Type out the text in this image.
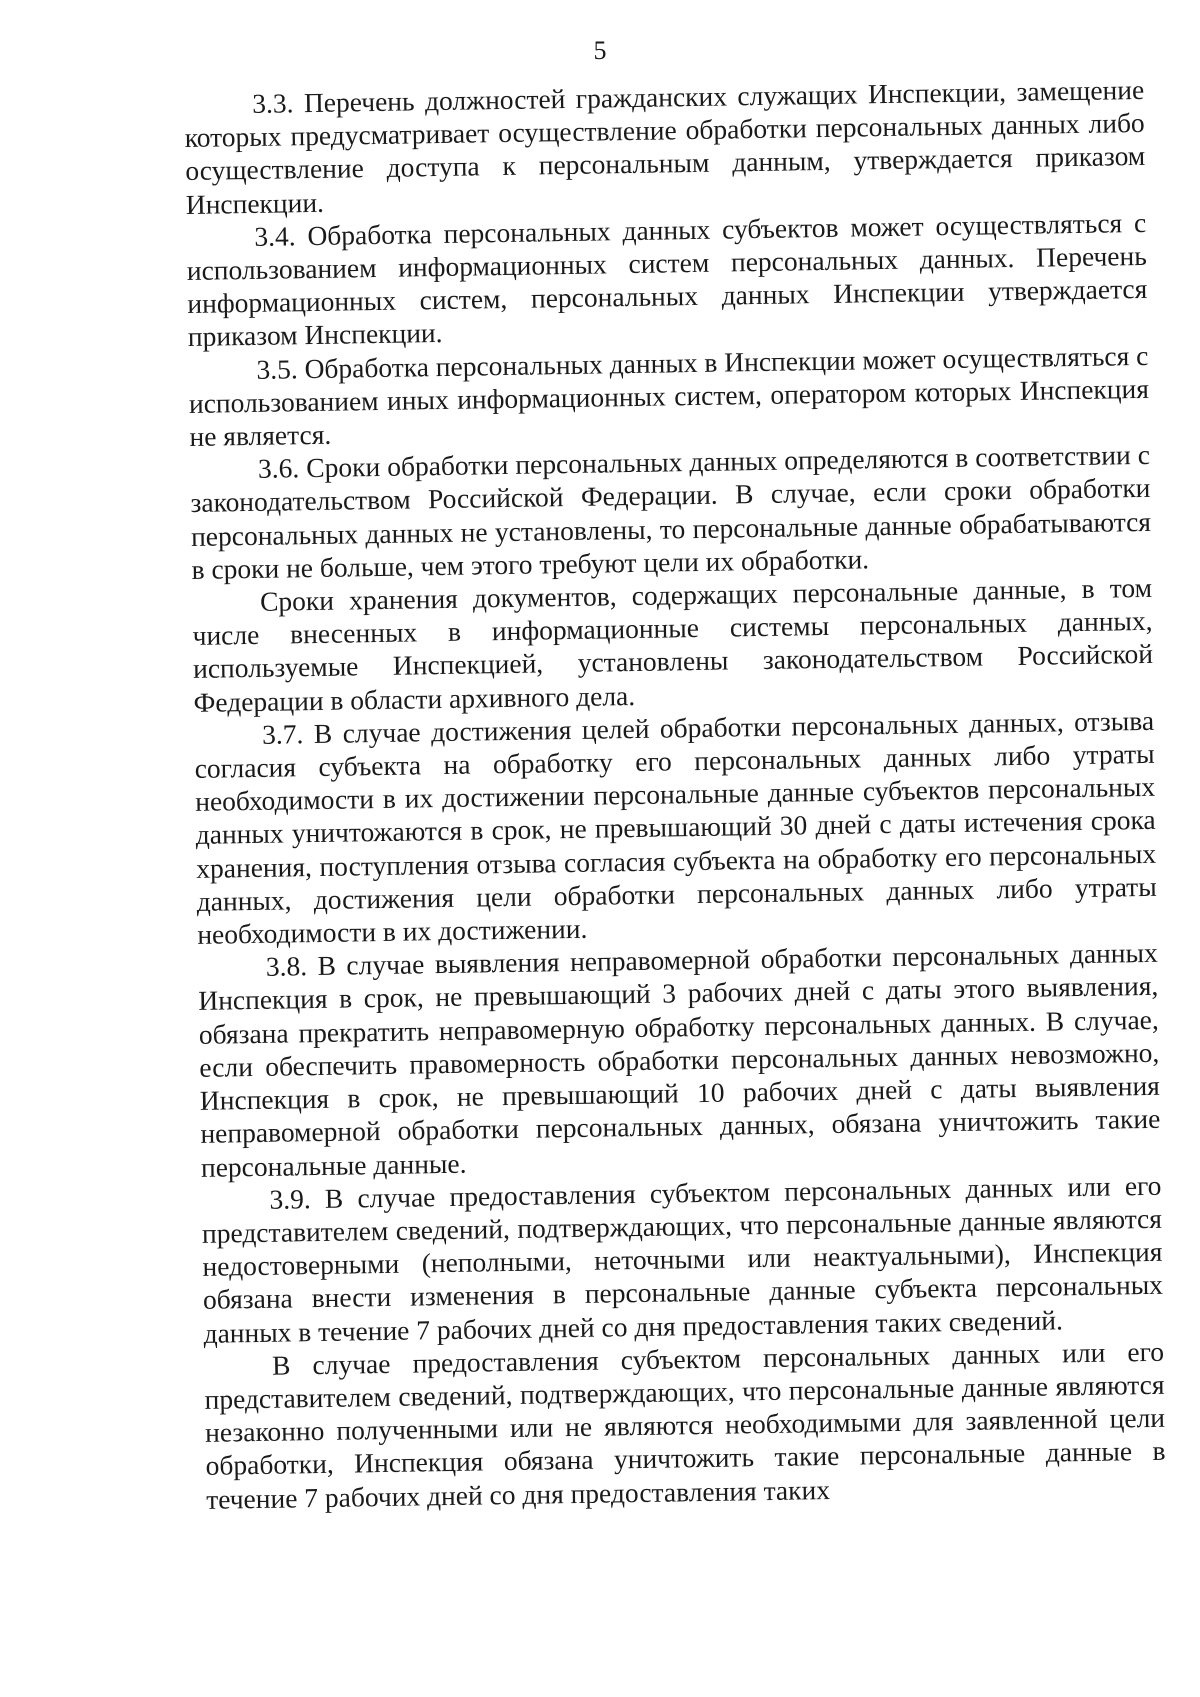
5

3.3. Перечень должностей гражданских служащих Инспекции, замещение которых предусматривает осуществление обработки персональных данных либо осуществление доступа к персональным данным, утверждается приказом Инспекции.

3.4. Обработка персональных данных субъектов может осуществляться с использованием информационных систем персональных данных. Перечень информационных систем, персональных данных Инспекции утверждается приказом Инспекции.

3.5. Обработка персональных данных в Инспекции может осуществляться с использованием иных информационных систем, оператором которых Инспекция не является.

3.6. Сроки обработки персональных данных определяются в соответствии с законодательством Российской Федерации. В случае, если сроки обработки персональных данных не установлены, то персональные данные обрабатываются в сроки не больше, чем этого требуют цели их обработки.

Сроки хранения документов, содержащих персональные данные, в том числе внесенных в информационные системы персональных данных, используемые Инспекцией, установлены законодательством Российской Федерации в области архивного дела.

3.7. В случае достижения целей обработки персональных данных, отзыва согласия субъекта на обработку его персональных данных либо утраты необходимости в их достижении персональные данные субъектов персональных данных уничтожаются в срок, не превышающий 30 дней с даты истечения срока хранения, поступления отзыва согласия субъекта на обработку его персональных данных, достижения цели обработки персональных данных либо утраты необходимости в их достижении.

3.8. В случае выявления неправомерной обработки персональных данных Инспекция в срок, не превышающий 3 рабочих дней с даты этого выявления, обязана прекратить неправомерную обработку персональных данных. В случае, если обеспечить правомерность обработки персональных данных невозможно, Инспекция в срок, не превышающий 10 рабочих дней с даты выявления неправомерной обработки персональных данных, обязана уничтожить такие персональные данные.

3.9. В случае предоставления субъектом персональных данных или его представителем сведений, подтверждающих, что персональные данные являются недостоверными (неполными, неточными или неактуальными), Инспекция обязана внести изменения в персональные данные субъекта персональных данных в течение 7 рабочих дней со дня предоставления таких сведений.

В случае предоставления субъектом персональных данных или его представителем сведений, подтверждающих, что персональные данные являются незаконно полученными или не являются необходимыми для заявленной цели обработки, Инспекция обязана уничтожить такие персональные данные в течение 7 рабочих дней со дня предоставления таких
